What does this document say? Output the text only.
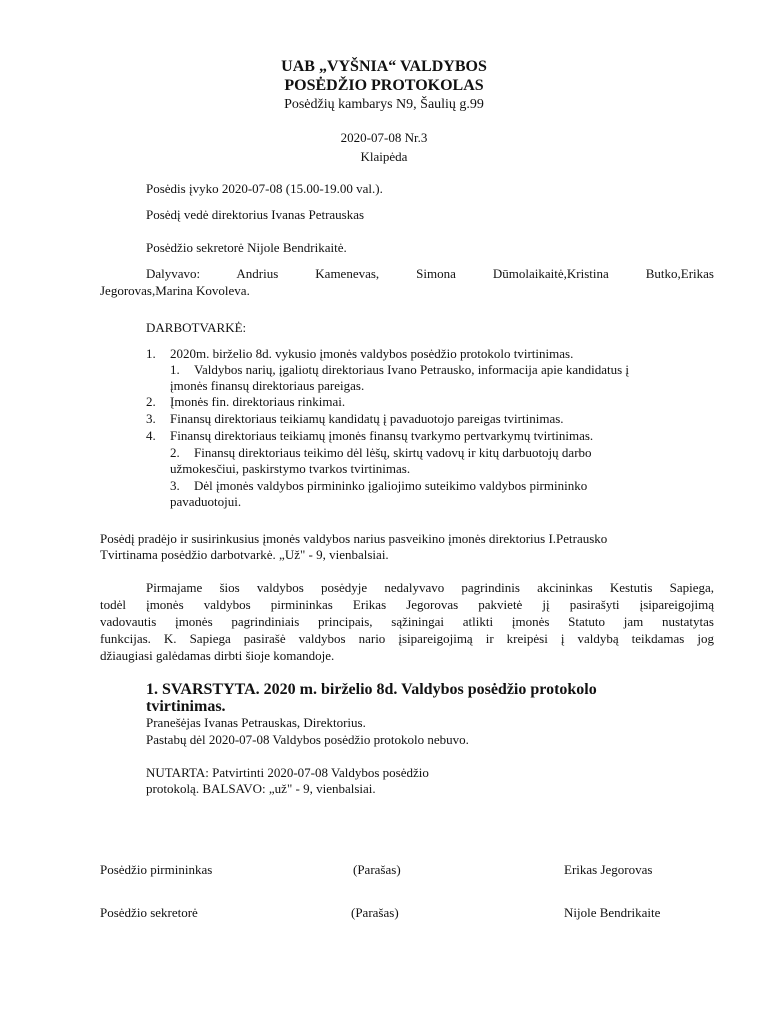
UAB „VYŠNIA“ VALDYBOS
POSĖDŽIO PROTOKOLAS
Posėdžių kambarys N9, Šaulių g.99
2020-07-08 Nr.3
Klaipėda
Posėdis įvyko 2020-07-08 (15.00-19.00 val.).
Posėdį vedė direktorius Ivanas Petrauskas
Posėdžio sekretorė Nijole Bendrikaitė.
Dalyvavo: Andrius Kamenevas, Simona Dūmolaikaitė,Kristina Butko,Erikas
Jegorovas,Marina Kovoleva.
DARBOTVARKĖ:
1. 2020m. birželio 8d. vykusio įmonės valdybos posėdžio protokolo tvirtinimas.
1. Valdybos narių, įgaliotų direktoriaus Ivano Petrausko, informacija apie kandidatus į
įmonės finansų direktoriaus pareigas.
2. Įmonės fin. direktoriaus rinkimai.
3. Finansų direktoriaus teikiamų kandidatų į pavaduotojo pareigas tvirtinimas.
4. Finansų direktoriaus teikiamų įmonės finansų tvarkymo pertvarkymų tvirtinimas.
2. Finansų direktoriaus teikimo dėl lėšų, skirtų vadovų ir kitų darbuotojų darbo
užmokesčiui, paskirstymo tvarkos tvirtinimas.
3. Dėl įmonės valdybos pirmininko įgaliojimo suteikimo valdybos pirmininko
pavaduotojui.
Posėdį pradėjo ir susirinkusius įmonės valdybos narius pasveikino įmonės direktorius I.Petrausko
Tvirtinama posėdžio darbotvarkė. „Už" - 9, vienbalsiai.
Pirmajame šios valdybos posėdyje nedalyvavo pagrindinis akcininkas Kestutis Sapiega,
todėl įmonės valdybos pirmininkas Erikas Jegorovas pakvietė jį pasirašyti įsipareigojimą
vadovautis įmonės pagrindiniais principais, sąžiningai atlikti įmonės Statuto jam nustatytas
funkcijas. K. Sapiega pasirašė valdybos nario įsipareigojimą ir kreipėsi į valdybą teikdamas jog
džiaugiasi galėdamas dirbti šioje komandoje.
1. SVARSTYTA. 2020 m. birželio 8d. Valdybos posėdžio protokolo
tvirtinimas.
Pranešėjas Ivanas Petrauskas, Direktorius.
Pastabų dėl 2020-07-08 Valdybos posėdžio protokolo nebuvo.
NUTARTA: Patvirtinti 2020-07-08 Valdybos posėdžio
protokolą. BALSAVO: „už" - 9, vienbalsiai.
Posėdžio pirmininkas	(Parašas)	Erikas Jegorovas
Posėdžio sekretorė	(Parašas)	Nijole Bendrikaite
